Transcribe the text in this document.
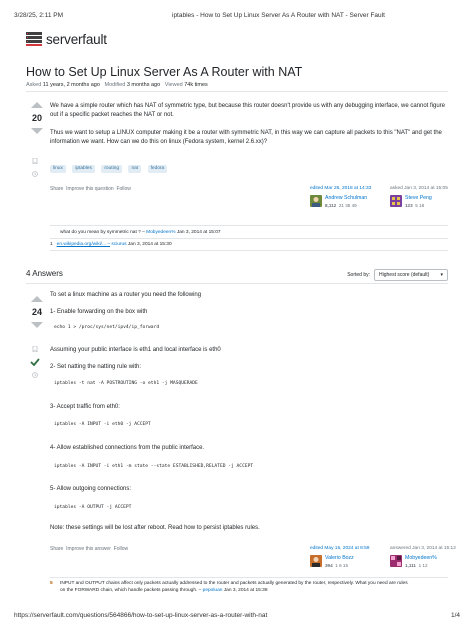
3/28/25, 2:11 PM	iptables - How to Set Up Linux Server As A Router with NAT - Server Fault
serverfault
How to Set Up Linux Server As A Router with NAT
Asked 11 years, 2 months ago Modified 3 months ago Viewed 74k times
20
We have a simple router which has NAT of symmetric type, but because this router doesn't provide us with any debugging interface, we cannot figure out if a specific packet reaches the NAT or not.
Thus we want to setup a LINUX computer making it be a router with symmetric NAT, in this way we can capture all packets to this "NAT" and get the information we want. How can we do this on linux (Fedora system, kernel 2.6.xx)?
linux	iptables	routing	nat	fedora
Share Improve this question Follow	edited Mar 26, 2018 at 14:33
Andrew Schulman
8,112 21 35 49
asked Jan 3, 2014 at 15:05
Steve Peng
123 5 18
what do you mean by symmetric nat ? – Mobyedeen% Jan 3, 2014 at 15:07
1 en.wikipedia.org/wiki/... – sciurus Jan 3, 2014 at 15:30
4 Answers	Sorted by: Highest score (default) ▾
24
To set a linux machine as a router you need the following
1- Enable forwarding on the box with
echo 1 > /proc/sys/net/ipv4/ip_forward
Assuming your public interface is eth1 and local interface is eth0
2- Set natting the natting rule with:
iptables -t nat -A POSTROUTING -o eth1 -j MASQUERADE
3- Accept traffic from eth0:
iptables -A INPUT -i eth0 -j ACCEPT
4- Allow established connections from the public interface.
iptables -A INPUT -i eth1 -m state --state ESTABLISHED,RELATED -j ACCEPT
5- Allow outgoing connections:
iptables -A OUTPUT -j ACCEPT
Note: these settings will be lost after reboot. Read how to persist iptables rules.
Share Improve this answer Follow	edited May 15, 2024 at 8:59
Valerio Bozz
394 1 6 15
answered Jan 3, 2014 at 15:12
Mobyedeen%
1,111 1 12
5 INPUT and OUTPUT chains affect only packets actually addressed to the router and packets actually generated by the router, respectively. What you need are rules
on the FORWARD chain, which handle packets passing through. – pepoluan Jan 3, 2014 at 15:38
https://serverfault.com/questions/564866/how-to-set-up-linux-server-as-a-router-with-nat	1/4
